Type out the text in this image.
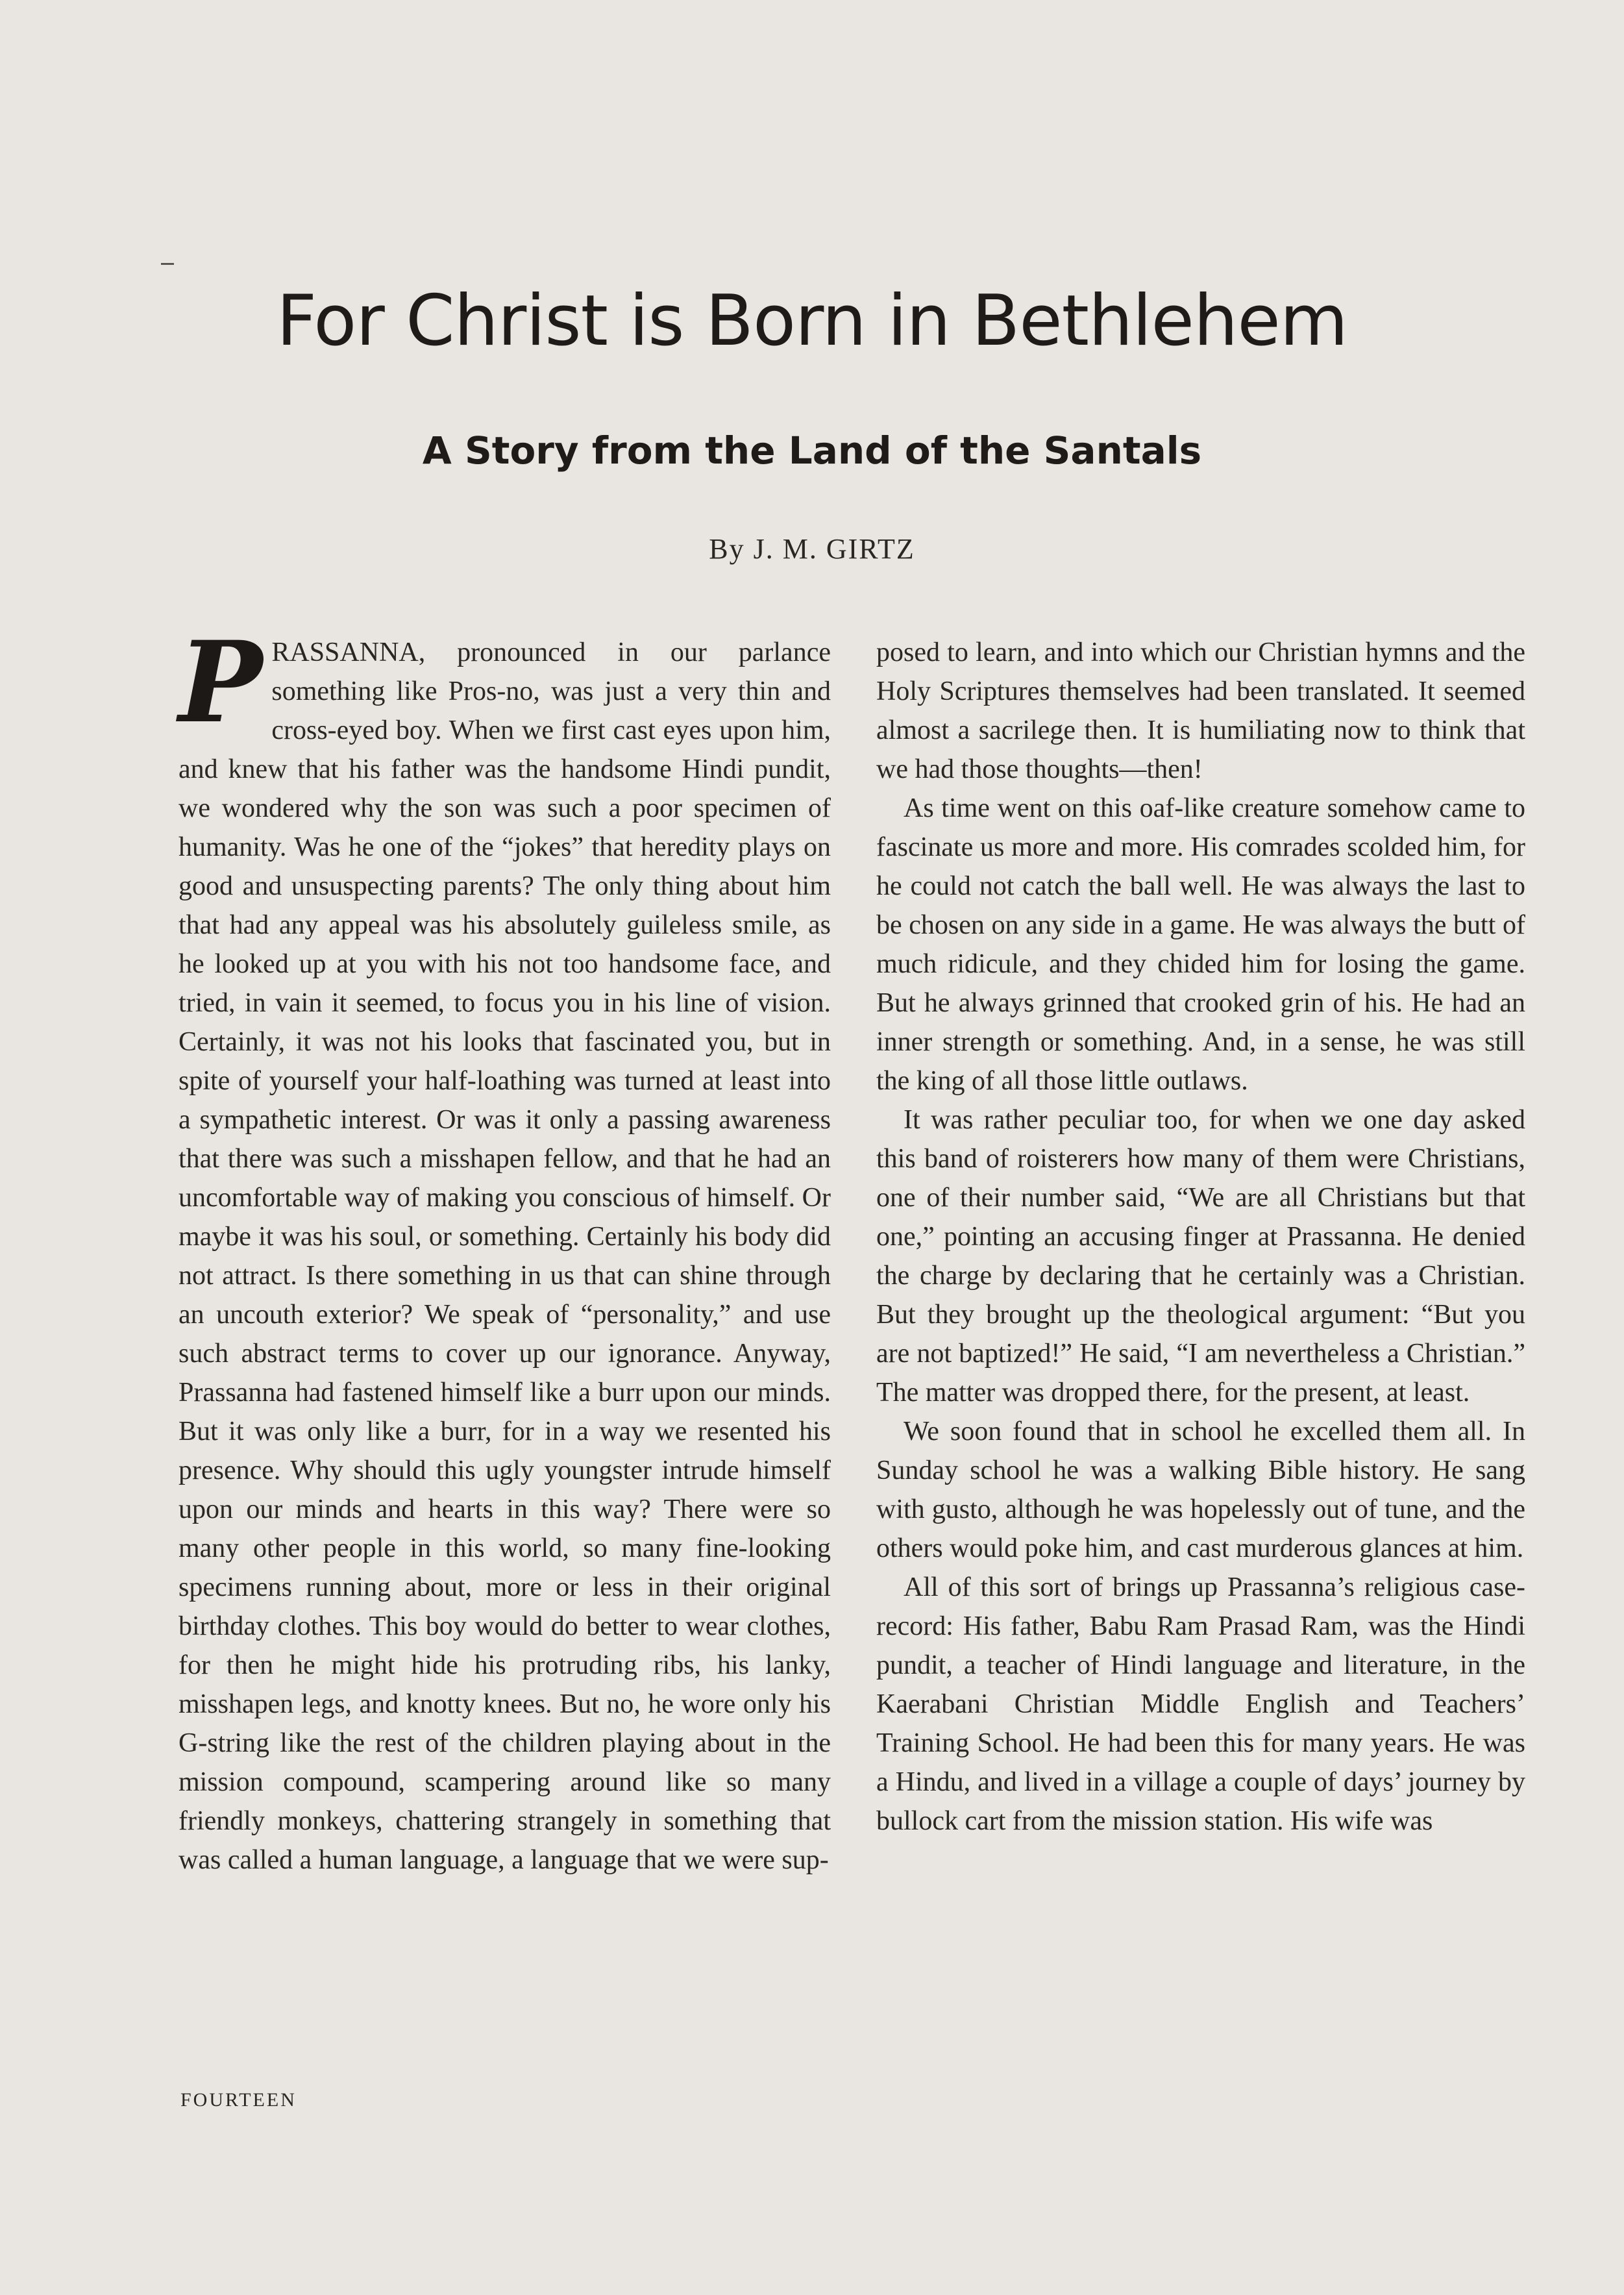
For Christ is Born in Bethlehem
A Story from the Land of the Santals

By J. M. GIRTZ

PRASSANNA, pronounced in our parlance something like Pros-no, was just a very thin and cross-eyed boy. When we first cast eyes upon him, and knew that his father was the handsome Hindi pundit, we wondered why the son was such a poor specimen of humanity. Was he one of the “jokes” that heredity plays on good and unsuspecting parents? The only thing about him that had any appeal was his absolutely guileless smile, as he looked up at you with his not too handsome face, and tried, in vain it seemed, to focus you in his line of vision. Certainly, it was not his looks that fascinated you, but in spite of yourself your half-loathing was turned at least into a sympathetic interest. Or was it only a passing awareness that there was such a misshapen fellow, and that he had an uncomfortable way of making you conscious of himself. Or maybe it was his soul, or something. Certainly his body did not attract. Is there something in us that can shine through an uncouth exterior? We speak of “personality,” and use such abstract terms to cover up our ignorance. Anyway, Prassanna had fastened himself like a burr upon our minds. But it was only like a burr, for in a way we resented his presence. Why should this ugly youngster intrude himself upon our minds and hearts in this way? There were so many other people in this world, so many fine-looking specimens running about, more or less in their original birthday clothes. This boy would do better to wear clothes, for then he might hide his protruding ribs, his lanky, misshapen legs, and knotty knees. But no, he wore only his G-string like the rest of the children playing about in the mission compound, scampering around like so many friendly monkeys, chattering strangely in something that was called a human language, a language that we were sup-

posed to learn, and into which our Christian hymns and the Holy Scriptures themselves had been translated. It seemed almost a sacrilege then. It is humiliating now to think that we had those thoughts—then!

As time went on this oaf-like creature somehow came to fascinate us more and more. His comrades scolded him, for he could not catch the ball well. He was always the last to be chosen on any side in a game. He was always the butt of much ridicule, and they chided him for losing the game. But he always grinned that crooked grin of his. He had an inner strength or something. And, in a sense, he was still the king of all those little outlaws.

It was rather peculiar too, for when we one day asked this band of roisterers how many of them were Christians, one of their number said, “We are all Christians but that one,” pointing an accusing finger at Prassanna. He denied the charge by declaring that he certainly was a Christian. But they brought up the theological argument: “But you are not baptized!” He said, “I am nevertheless a Christian.” The matter was dropped there, for the present, at least.

We soon found that in school he excelled them all. In Sunday school he was a walking Bible history. He sang with gusto, although he was hopelessly out of tune, and the others would poke him, and cast murderous glances at him.

All of this sort of brings up Prassanna’s religious case-record: His father, Babu Ram Prasad Ram, was the Hindi pundit, a teacher of Hindi language and literature, in the Kaerabani Christian Middle English and Teachers’ Training School. He had been this for many years. He was a Hindu, and lived in a village a couple of days’ journey by bullock cart from the mission station. His wife was

FOURTEEN
